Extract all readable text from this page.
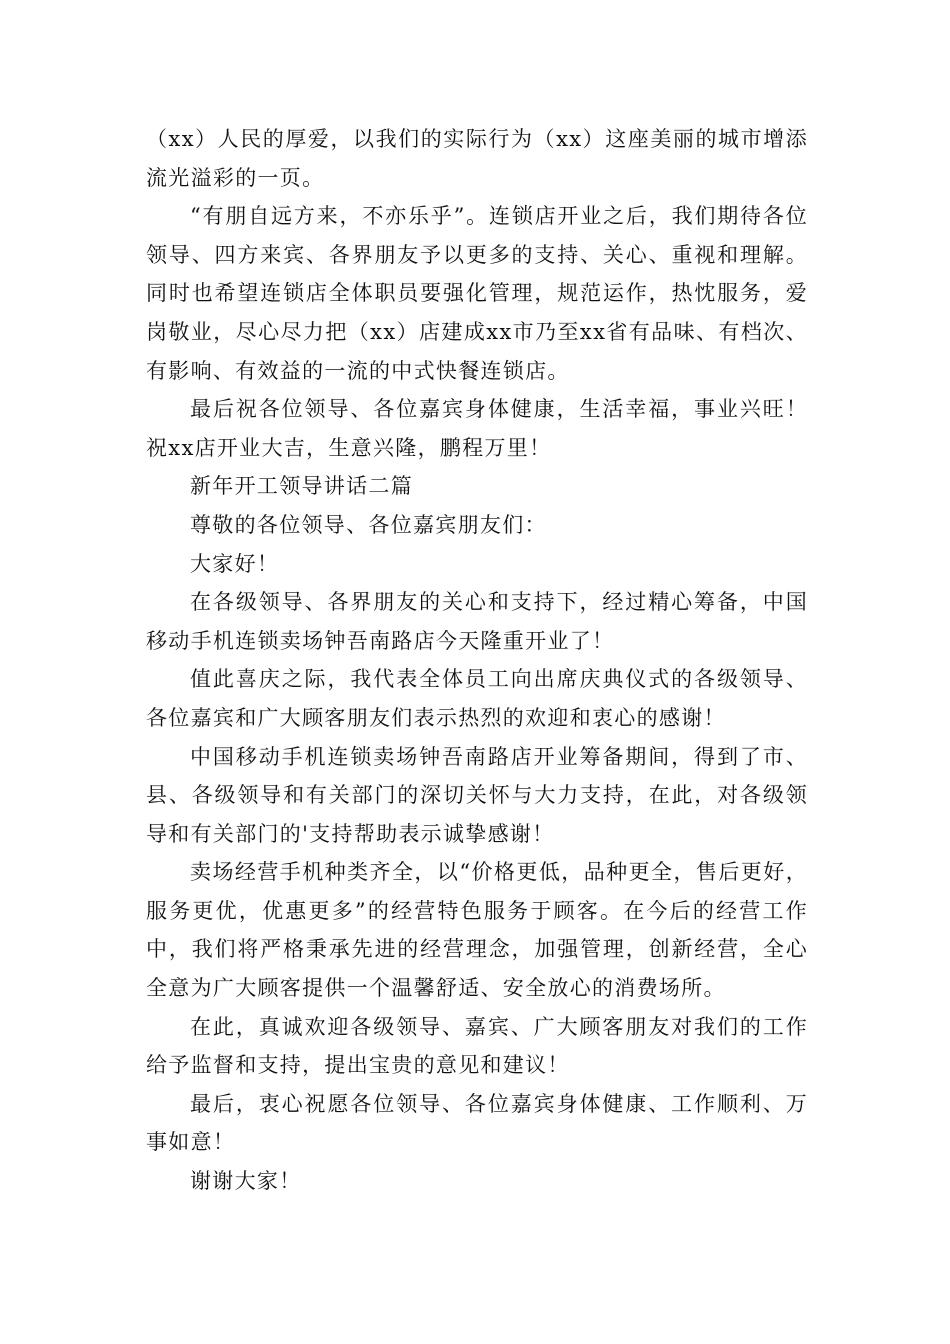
（xx）人民的厚爱，以我们的实际行为（xx）这座美丽的城市增添流光溢彩的一页。

“有朋自远方来，不亦乐乎”。连锁店开业之后，我们期待各位领导、四方来宾、各界朋友予以更多的支持、关心、重视和理解。同时也希望连锁店全体职员要强化管理，规范运作，热忱服务，爱岗敬业，尽心尽力把（xx）店建成xx市乃至xx省有品味、有档次、有影响、有效益的一流的中式快餐连锁店。

最后祝各位领导、各位嘉宾身体健康，生活幸福，事业兴旺！祝xx店开业大吉，生意兴隆，鹏程万里！

新年开工领导讲话二篇

尊敬的各位领导、各位嘉宾朋友们：

大家好！

在各级领导、各界朋友的关心和支持下，经过精心筹备，中国移动手机连锁卖场钟吾南路店今天隆重开业了！

值此喜庆之际，我代表全体员工向出席庆典仪式的各级领导、各位嘉宾和广大顾客朋友们表示热烈的欢迎和衷心的感谢！

中国移动手机连锁卖场钟吾南路店开业筹备期间，得到了市、县、各级领导和有关部门的深切关怀与大力支持，在此，对各级领导和有关部门的'支持帮助表示诚挚感谢！

卖场经营手机种类齐全，以“价格更低，品种更全，售后更好，服务更优，优惠更多”的经营特色服务于顾客。在今后的经营工作中，我们将严格秉承先进的经营理念，加强管理，创新经营，全心全意为广大顾客提供一个温馨舒适、安全放心的消费场所。

在此，真诚欢迎各级领导、嘉宾、广大顾客朋友对我们的工作给予监督和支持，提出宝贵的意见和建议！

最后，衷心祝愿各位领导、各位嘉宾身体健康、工作顺利、万事如意！

谢谢大家！
